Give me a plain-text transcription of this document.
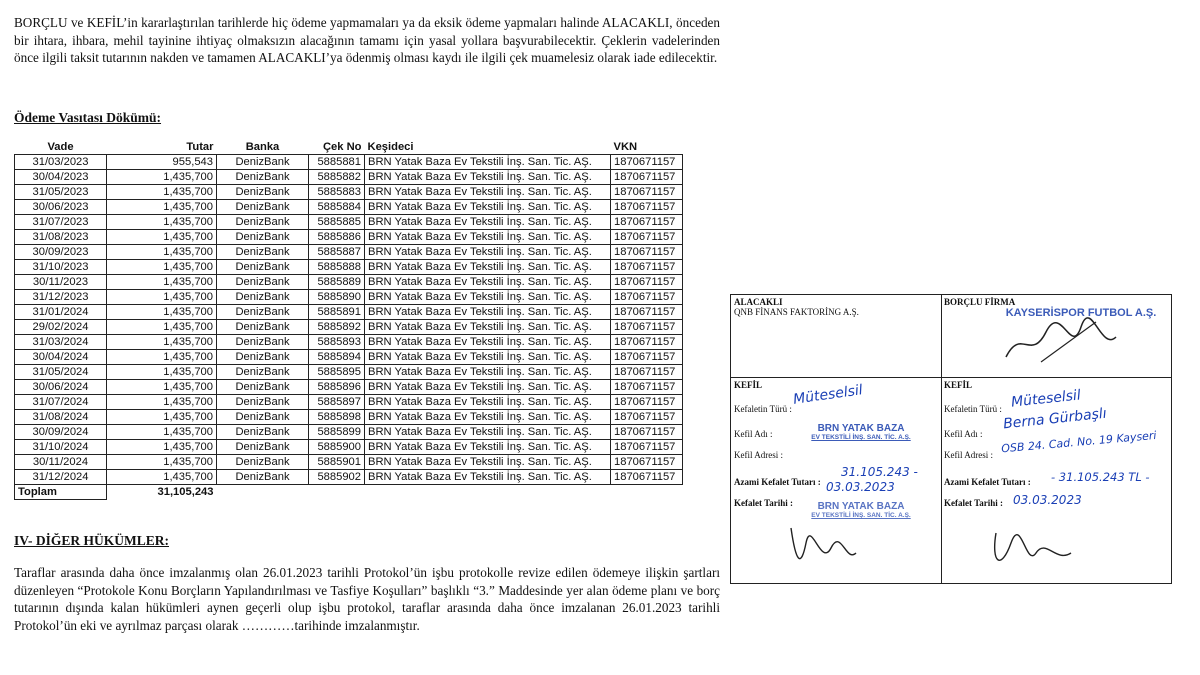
BORÇLU ve KEFİL’in kararlaştırılan tarihlerde hiç ödeme yapmamaları ya da eksik ödeme yapmaları halinde ALACAKLI, önceden bir ihtara, ihbara, mehil tayinine ihtiyaç olmaksızın alacağının tamamı için yasal yollara başvurabilecektir. Çeklerin vadelerinden önce ilgili taksit tutarının nakden ve tamamen ALACAKLI’ya ödenmiş olması kaydı ile ilgili çek muamelesiz olarak iade edilecektir.
Ödeme Vasıtası Dökümü:
Vade	Tutar	Banka	Çek No	Keşideci	VKN
31/03/2023	955,543	DenizBank	5885881	BRN Yatak Baza Ev Tekstili İnş. San. Tic. AŞ.	1870671157
30/04/2023	1,435,700	DenizBank	5885882	BRN Yatak Baza Ev Tekstili İnş. San. Tic. AŞ.	1870671157
31/05/2023	1,435,700	DenizBank	5885883	BRN Yatak Baza Ev Tekstili İnş. San. Tic. AŞ.	1870671157
30/06/2023	1,435,700	DenizBank	5885884	BRN Yatak Baza Ev Tekstili İnş. San. Tic. AŞ.	1870671157
31/07/2023	1,435,700	DenizBank	5885885	BRN Yatak Baza Ev Tekstili İnş. San. Tic. AŞ.	1870671157
31/08/2023	1,435,700	DenizBank	5885886	BRN Yatak Baza Ev Tekstili İnş. San. Tic. AŞ.	1870671157
30/09/2023	1,435,700	DenizBank	5885887	BRN Yatak Baza Ev Tekstili İnş. San. Tic. AŞ.	1870671157
31/10/2023	1,435,700	DenizBank	5885888	BRN Yatak Baza Ev Tekstili İnş. San. Tic. AŞ.	1870671157
30/11/2023	1,435,700	DenizBank	5885889	BRN Yatak Baza Ev Tekstili İnş. San. Tic. AŞ.	1870671157
31/12/2023	1,435,700	DenizBank	5885890	BRN Yatak Baza Ev Tekstili İnş. San. Tic. AŞ.	1870671157
31/01/2024	1,435,700	DenizBank	5885891	BRN Yatak Baza Ev Tekstili İnş. San. Tic. AŞ.	1870671157
29/02/2024	1,435,700	DenizBank	5885892	BRN Yatak Baza Ev Tekstili İnş. San. Tic. AŞ.	1870671157
31/03/2024	1,435,700	DenizBank	5885893	BRN Yatak Baza Ev Tekstili İnş. San. Tic. AŞ.	1870671157
30/04/2024	1,435,700	DenizBank	5885894	BRN Yatak Baza Ev Tekstili İnş. San. Tic. AŞ.	1870671157
31/05/2024	1,435,700	DenizBank	5885895	BRN Yatak Baza Ev Tekstili İnş. San. Tic. AŞ.	1870671157
30/06/2024	1,435,700	DenizBank	5885896	BRN Yatak Baza Ev Tekstili İnş. San. Tic. AŞ.	1870671157
31/07/2024	1,435,700	DenizBank	5885897	BRN Yatak Baza Ev Tekstili İnş. San. Tic. AŞ.	1870671157
31/08/2024	1,435,700	DenizBank	5885898	BRN Yatak Baza Ev Tekstili İnş. San. Tic. AŞ.	1870671157
30/09/2024	1,435,700	DenizBank	5885899	BRN Yatak Baza Ev Tekstili İnş. San. Tic. AŞ.	1870671157
31/10/2024	1,435,700	DenizBank	5885900	BRN Yatak Baza Ev Tekstili İnş. San. Tic. AŞ.	1870671157
30/11/2024	1,435,700	DenizBank	5885901	BRN Yatak Baza Ev Tekstili İnş. San. Tic. AŞ.	1870671157
31/12/2024	1,435,700	DenizBank	5885902	BRN Yatak Baza Ev Tekstili İnş. San. Tic. AŞ.	1870671157
Toplam	31,105,243				
IV- DİĞER HÜKÜMLER:
Taraflar arasında daha önce imzalanmış olan 26.01.2023 tarihli Protokol’ün işbu protokolle revize edilen ödemeye ilişkin şartları düzenleyen “Protokole Konu Borçların Yapılandırılması ve Tasfiye Koşulları” başlıklı “3.” Maddesinde yer alan ödeme planı ve borç tutarının dışında kalan hükümleri aynen geçerli olup işbu protokol, taraflar arasında daha önce imzalanan 26.01.2023 tarihli Protokol’ün eki ve ayrılmaz parçası olarak …………tarihinde imzalanmıştır.
ALACAKLI
QNB FİNANS FAKTORİNG A.Ş.
BORÇLU FİRMA
KAYSERİSPOR FUTBOL A.Ş.
KEFİL
Kefaletin Türü :
Müteselsil
Kefil Adı :	BRN YATAK BAZA
EV TEKSTİLİ İNŞ. SAN. TİC. A.Ş.
Kefil Adresi :
Azami Kefalet Tutarı :
31.105.243 -
03.03.2023
Kefalet Tarihi :	BRN YATAK BAZA
EV TEKSTİLİ İNŞ. SAN. TİC. A.Ş.
KEFİL
Kefaletin Türü : Müteselsil
Kefil Adı :
Berna Gürbaşlı
Kefil Adresi : OSB 24. Cad. No. 19 Kayseri
Azami Kefalet Tutarı : - 31.105.243 TL -
Kefalet Tarihi : 03.03.2023
